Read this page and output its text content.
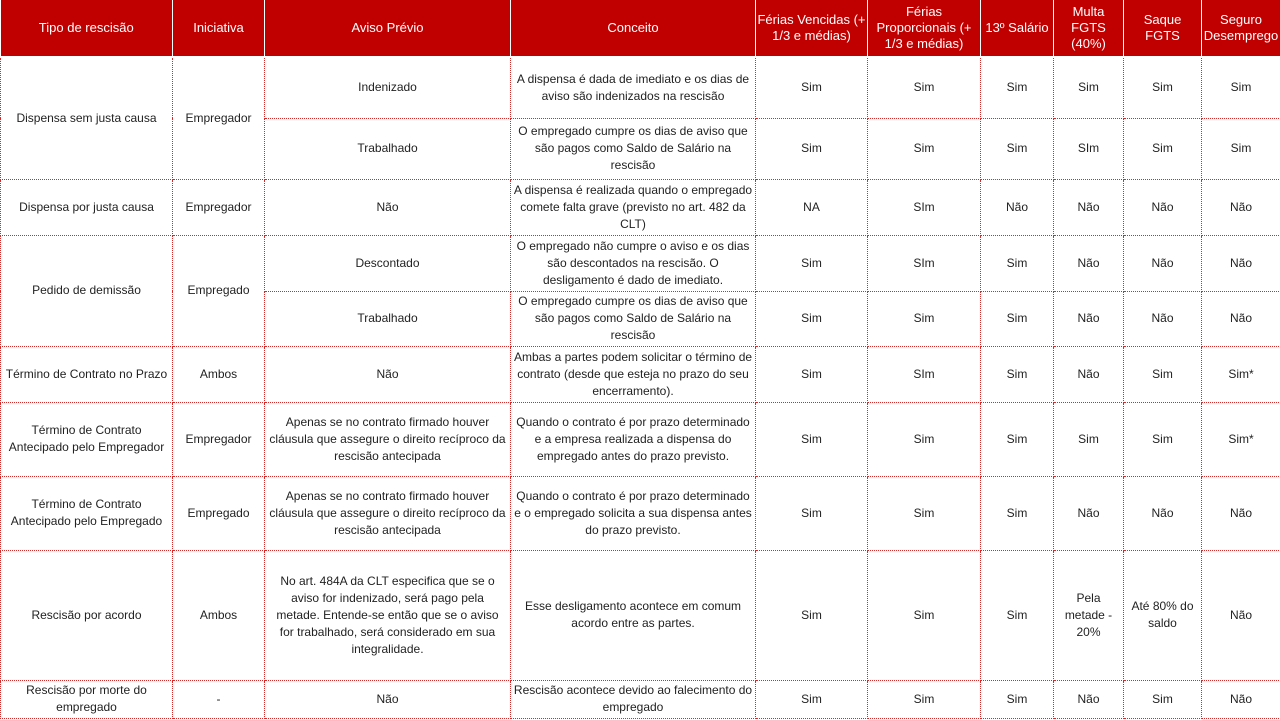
Tipo de rescisão	Iniciativa	Aviso Prévio	Conceito	Férias Vencidas (+ 1/3 e médias)	Férias Proporcionais (+ 1/3 e médias)	13º Salário	Multa FGTS (40%)	Saque FGTS	Seguro Desemprego
Dispensa sem justa causa	Empregador	Indenizado	A dispensa é dada de imediato e os dias de aviso são indenizados na rescisão	Sim	Sim	Sim	Sim	Sim	Sim
		Trabalhado	O empregado cumpre os dias de aviso que são pagos como Saldo de Salário na rescisão	Sim	Sim	Sim	SIm	Sim	Sim
Dispensa por justa causa	Empregador	Não	A dispensa é realizada quando o empregado comete falta grave (previsto no art. 482 da CLT)	NA	SIm	Não	Não	Não	Não
Pedido de demissão	Empregado	Descontado	O empregado não cumpre o aviso e os dias são descontados na rescisão. O desligamento é dado de imediato.	Sim	SIm	Sim	Não	Não	Não
		Trabalhado	O empregado cumpre os dias de aviso que são pagos como Saldo de Salário na rescisão	Sim	Sim	Sim	Não	Não	Não
Término de Contrato no Prazo	Ambos	Não	Ambas a partes podem solicitar o término de contrato (desde que esteja no prazo do seu encerramento).	Sim	SIm	Sim	Não	Sim	Sim*
Término de Contrato Antecipado pelo Empregador	Empregador	Apenas se no contrato firmado houver cláusula que assegure o direito recíproco da rescisão antecipada	Quando o contrato é por prazo determinado e a empresa realizada a dispensa do empregado antes do prazo previsto.	Sim	Sim	Sim	Sim	Sim	Sim*
Término de Contrato Antecipado pelo Empregado	Empregado	Apenas se no contrato firmado houver cláusula que assegure o direito recíproco da rescisão antecipada	Quando o contrato é por prazo determinado e o empregado solicita a sua dispensa antes do prazo previsto.	Sim	Sim	Sim	Não	Não	Não
Rescisão por acordo	Ambos	No art. 484A da CLT especifica que se o aviso for indenizado, será pago pela metade. Entende-se então que se o aviso for trabalhado, será considerado em sua integralidade.	Esse desligamento acontece em comum acordo entre as partes.	Sim	Sim	Sim	Pela metade - 20%	Até 80% do saldo	Não
Rescisão por morte do empregado	-	Não	Rescisão acontece devido ao falecimento do empregado	Sim	Sim	Sim	Não	Sim	Não
